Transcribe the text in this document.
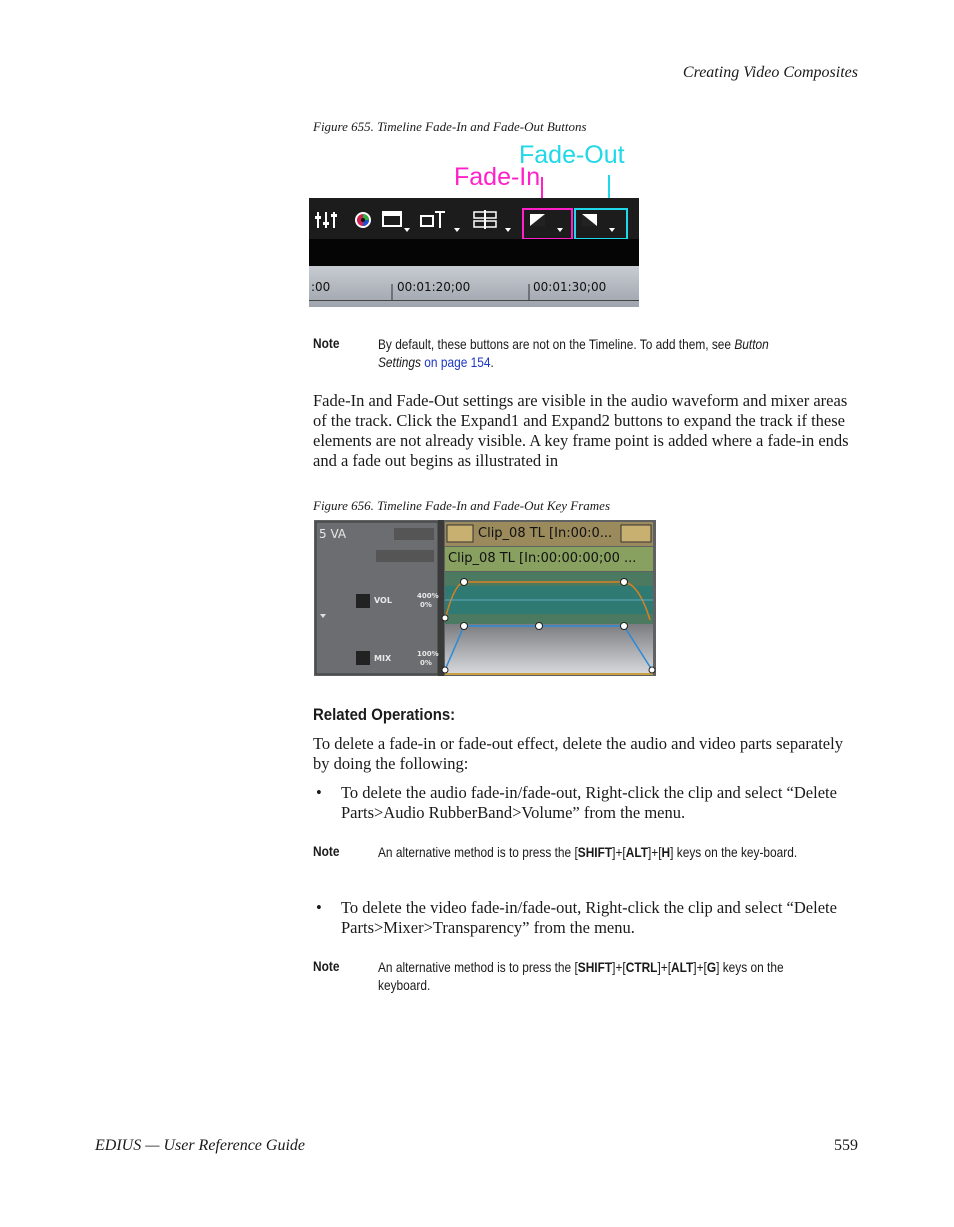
Creating Video Composites
Figure 655. Timeline Fade-In and Fade-Out Buttons
Fade-Out
Fade-In
:00	00:01:20;00	00:01:30;00
Note	By default, these buttons are not on the Timeline. To add them, see Button Settings on page 154.
Fade-In and Fade-Out settings are visible in the audio waveform and mixer areas of the track. Click the Expand1 and Expand2 buttons to expand the track if these elements are not already visible. A key frame point is added where a fade-in ends and a fade out begins as illustrated in
Figure 656. Timeline Fade-In and Fade-Out Key Frames
5 VA	Clip_08 TL [In:00:0...
Clip_08 TL [In:00:00:00;00 ...
VOL	400%
0%
MIX	100%
0%
Related Operations:
To delete a fade-in or fade-out effect, delete the audio and video parts separately by doing the following:
• To delete the audio fade-in/fade-out, Right-click the clip and select “Delete Parts>Audio RubberBand>Volume” from the menu.
Note	An alternative method is to press the [SHIFT]+[ALT]+[H] keys on the key-board.
• To delete the video fade-in/fade-out, Right-click the clip and select “Delete Parts>Mixer>Transparency” from the menu.
Note	An alternative method is to press the [SHIFT]+[CTRL]+[ALT]+[G] keys on the keyboard.
EDIUS — User Reference Guide	559
